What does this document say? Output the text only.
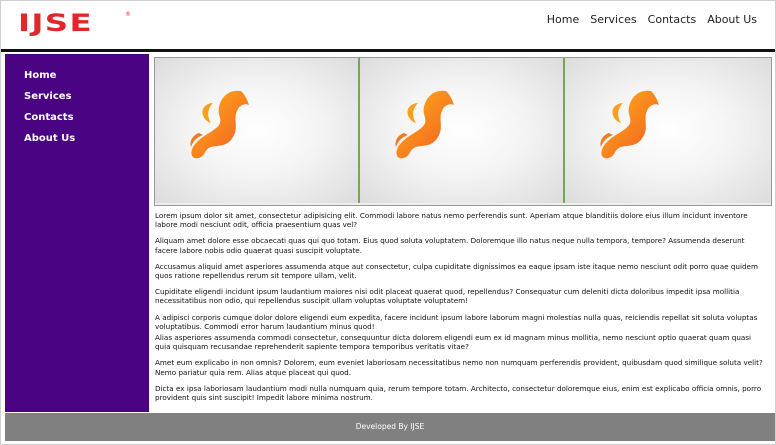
IJSE	®	Home Services Contacts About Us
Home
Services
Contacts
About Us

Lorem ipsum dolor sit amet, consectetur adipisicing elit. Commodi labore natus nemo perferendis sunt. Aperiam atque blanditiis dolore eius illum incidunt inventore labore modi nesciunt odit, officia praesentium quas vel?

Aliquam amet dolore esse obcaecati quas qui quo totam. Eius quod soluta voluptatem. Doloremque illo natus neque nulla tempora, tempore? Assumenda deserunt facere labore nobis odio quaerat quasi suscipit voluptate.

Accusamus aliquid amet asperiores assumenda atque aut consectetur, culpa cupiditate dignissimos ea eaque ipsam iste itaque nemo nesciunt odit porro quae quidem quos ratione repellendus rerum sit tempore ullam, velit.

Cupiditate eligendi incidunt ipsum laudantium maiores nisi odit placeat quaerat quod, repellendus? Consequatur cum deleniti dicta doloribus impedit ipsa mollitia necessitatibus non odio, qui repellendus suscipit ullam voluptas voluptate voluptatem!

A adipisci corporis cumque dolor dolore eligendi eum expedita, facere incidunt ipsum labore laborum magni molestias nulla quas, reiciendis repellat sit soluta voluptas voluptatibus. Commodi error harum laudantium minus quod!

Alias asperiores assumenda commodi consectetur, consequuntur dicta dolorem eligendi eum ex id magnam minus mollitia, nemo nesciunt optio quaerat quam quasi quia quisquam recusandae reprehenderit sapiente tempora temporibus veritatis vitae?

Amet eum explicabo in non omnis? Dolorem, eum eveniet laboriosam necessitatibus nemo non numquam perferendis provident, quibusdam quod similique soluta velit? Nemo pariatur quia rem. Alias atque placeat qui quod.

Dicta ex ipsa laboriosam laudantium modi nulla numquam quia, rerum tempore totam. Architecto, consectetur doloremque eius, enim est explicabo officia omnis, porro provident quis sint suscipit! Impedit labore minima nostrum.

Developed By IJSE
